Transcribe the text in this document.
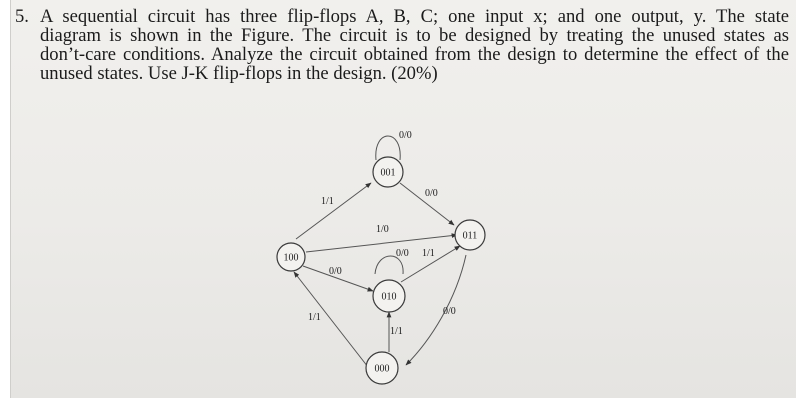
5. A sequential circuit has three flip-flops A, B, C; one input x; and one output, y. The state
diagram is shown in the Figure. The circuit is to be designed by treating the unused states as
don’t-care conditions. Analyze the circuit obtained from the design to determine the effect of the
unused states. Use J-K flip-flops in the design. (20%)
001
011
100
010
000
0/0
0/0
1/1
1/0
0/0 1/1
0/0
1/1
1/1
0/0
